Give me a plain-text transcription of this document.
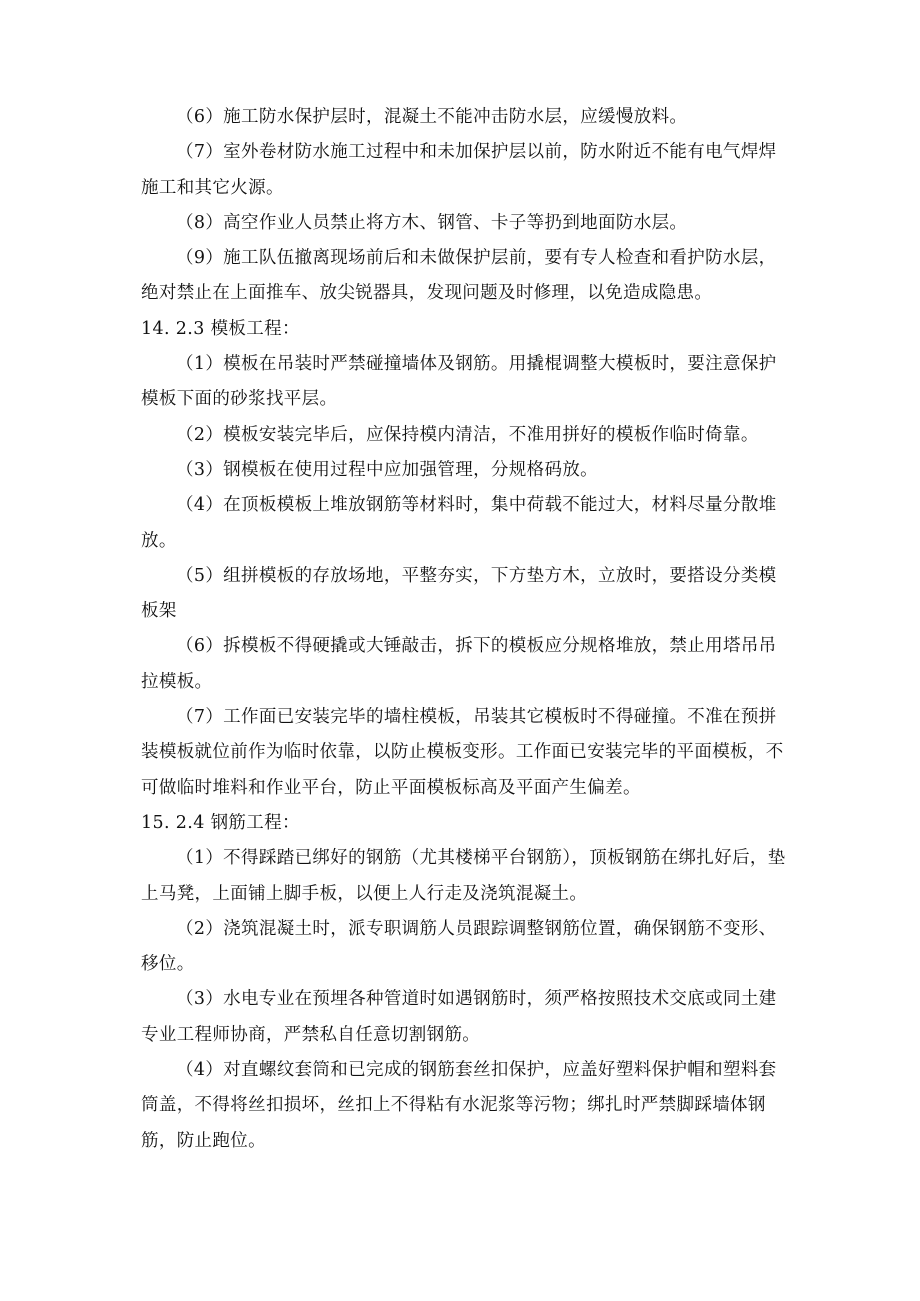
（6）施工防水保护层时，混凝土不能冲击防水层，应缓慢放料。

（7）室外卷材防水施工过程中和未加保护层以前，防水附近不能有电气焊焊施工和其它火源。

（8）高空作业人员禁止将方木、钢管、卡子等扔到地面防水层。

（9）施工队伍撤离现场前后和未做保护层前，要有专人检查和看护防水层，绝对禁止在上面推车、放尖锐器具，发现问题及时修理，以免造成隐患。

14. 2.3 模板工程：

（1）模板在吊装时严禁碰撞墙体及钢筋。用撬棍调整大模板时，要注意保护模板下面的砂浆找平层。

（2）模板安装完毕后，应保持模内清洁，不准用拼好的模板作临时倚靠。

（3）钢模板在使用过程中应加强管理，分规格码放。

（4）在顶板模板上堆放钢筋等材料时，集中荷载不能过大，材料尽量分散堆放。

（5）组拼模板的存放场地，平整夯实，下方垫方木，立放时，要搭设分类模板架

（6）拆模板不得硬撬或大锤敲击，拆下的模板应分规格堆放，禁止用塔吊吊拉模板。

（7）工作面已安装完毕的墙柱模板，吊装其它模板时不得碰撞。不准在预拼装模板就位前作为临时依靠，以防止模板变形。工作面已安装完毕的平面模板，不可做临时堆料和作业平台，防止平面模板标高及平面产生偏差。

15. 2.4 钢筋工程：

（1）不得踩踏已绑好的钢筋（尤其楼梯平台钢筋），顶板钢筋在绑扎好后，垫上马凳，上面铺上脚手板，以便上人行走及浇筑混凝土。

（2）浇筑混凝土时，派专职调筋人员跟踪调整钢筋位置，确保钢筋不变形、移位。

（3）水电专业在预埋各种管道时如遇钢筋时，须严格按照技术交底或同土建专业工程师协商，严禁私自任意切割钢筋。

（4）对直螺纹套筒和已完成的钢筋套丝扣保护，应盖好塑料保护帽和塑料套筒盖，不得将丝扣损坏，丝扣上不得粘有水泥浆等污物；绑扎时严禁脚踩墙体钢筋，防止跑位。
